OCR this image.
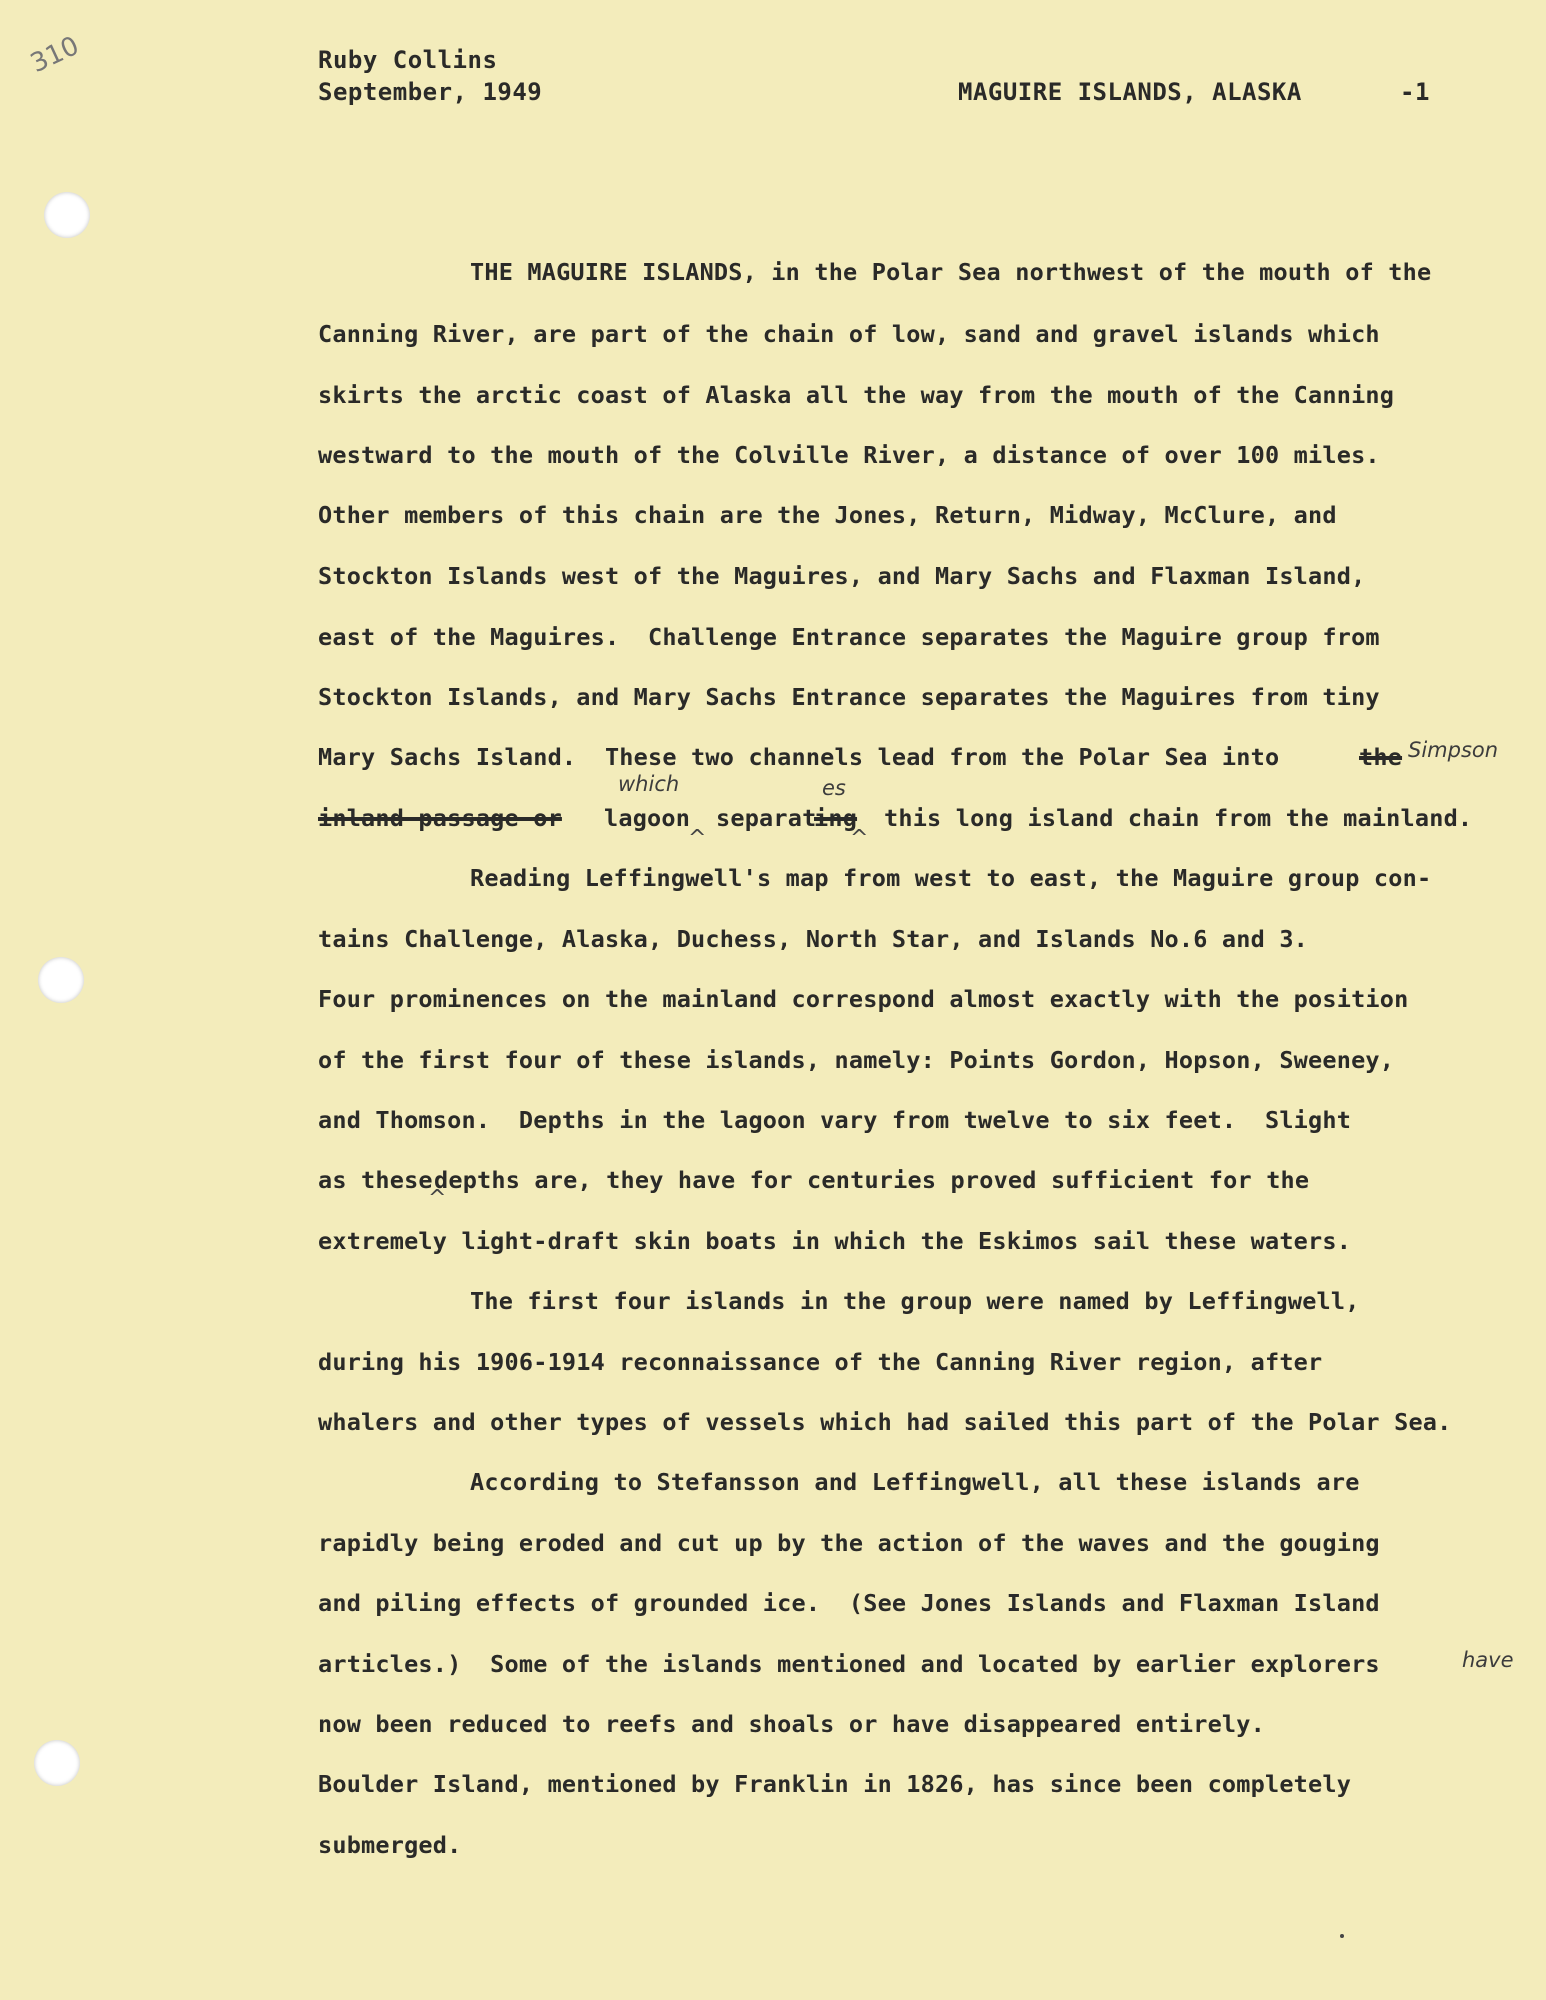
310	Ruby Collins
September, 1949	MAGUIRE ISLANDS, ALASKA	-1
THE MAGUIRE ISLANDS, in the Polar Sea northwest of the mouth of the
Canning River, are part of the chain of low, sand and gravel islands which
skirts the arctic coast of Alaska all the way from the mouth of the Canning
westward to the mouth of the Colville River, a distance of over 100 miles.
Other members of this chain are the Jones, Return, Midway, McClure, and
Stockton Islands west of the Maguires, and Mary Sachs and Flaxman Island,
east of the Maguires.  Challenge Entrance separates the Maguire group from
Stockton Islands, and Mary Sachs Entrance separates the Maguires from tiny
Mary Sachs Island.  These two channels lead from the Polar Sea into	the Simpson
inland passage or lagoon
which
separat
ing
es
this long island chain from the mainland.
^	^
Reading Leffingwell's map from west to east, the Maguire group con-
tains Challenge, Alaska, Duchess, North Star, and Islands No.6 and 3.
Four prominences on the mainland correspond almost exactly with the position
of the first four of these islands, namely: Points Gordon, Hopson, Sweeney,
and Thomson.  Depths in the lagoon vary from twelve to six feet.  Slight
as these depths are, they have for centuries proved sufficient for the
^
extremely light-draft skin boats in which the Eskimos sail these waters.
The first four islands in the group were named by Leffingwell,
during his 1906-1914 reconnaissance of the Canning River region, after
whalers and other types of vessels which had sailed this part of the Polar Sea.
According to Stefansson and Leffingwell, all these islands are
rapidly being eroded and cut up by the action of the waves and the gouging
and piling effects of grounded ice.  (See Jones Islands and Flaxman Island
articles.)  Some of the islands mentioned and located by earlier explorers	have
now been reduced to reefs and shoals or have disappeared entirely.
Boulder Island, mentioned by Franklin in 1826, has since been completely
submerged.
